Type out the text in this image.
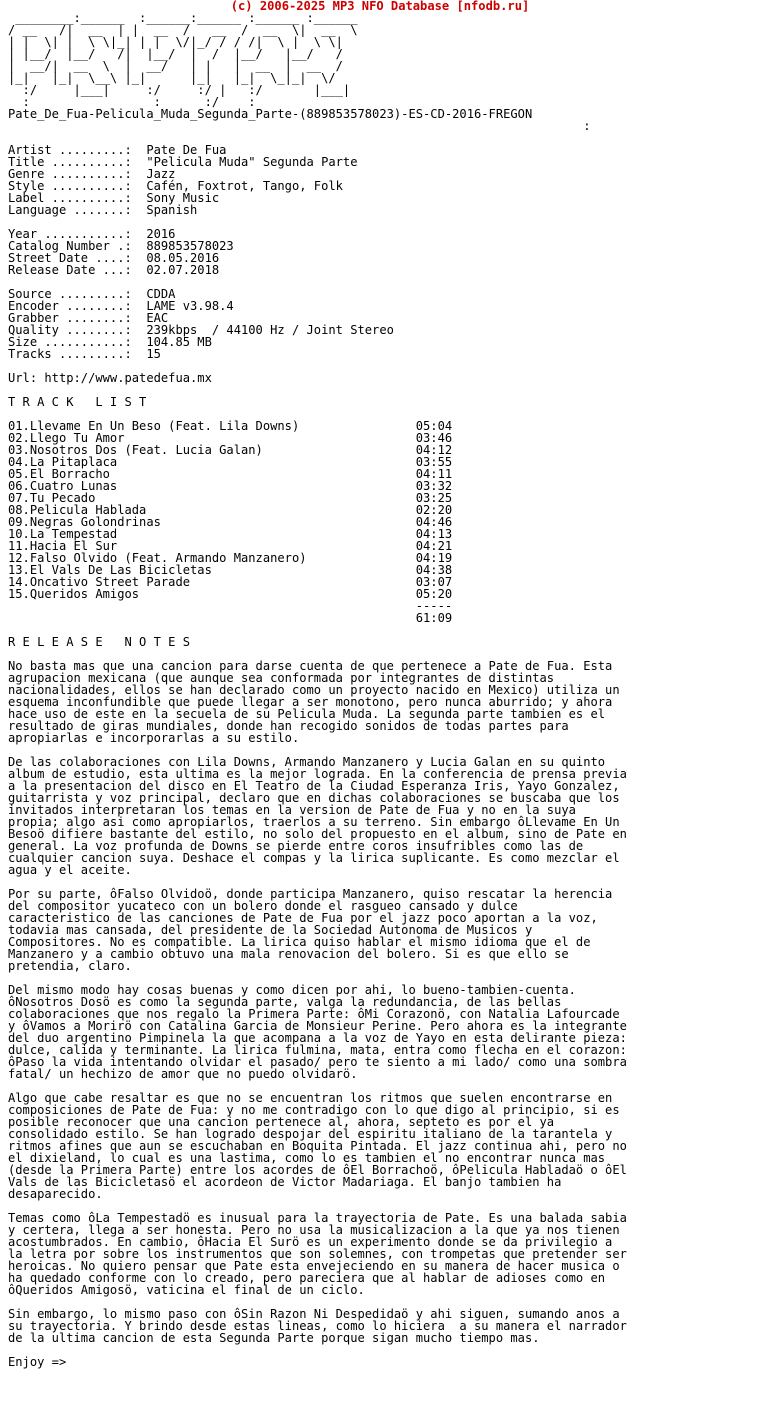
(c) 2006-2025 MP3 NFO Database [nfodb.ru]
________:______  :______:______ :______ :______
/ __   /|  __  | |  __  /   __  /  __  \|  __  \
| |  \| |  \ \|_| | |  \/|_/ / / /|  \ |  \ \|
| |__/  |__/   /|  |__/  |  /  |__/   |__/   /
|  __/|  __  \  |  __/   | |   |  __  |  __  /
|_|   |_|  \__\ |_|      |_|   |_|  \_|_|  \/
:/     |___|     :/     :/ |   :/       |___|
:                 :      :/    :
Pate_De_Fua-Pelicula_Muda_Segunda_Parte-(889853578023)-ES-CD-2016-FREGON
:

Artist .........: Pate De Fua
Title ..........: "Pelicula Muda" Segunda Parte
Genre ..........: Jazz
Style ..........: Cafén, Foxtrot, Tango, Folk
Label ..........: Sony Music
Language .......: Spanish

Year ...........: 2016
Catalog Number .: 889853578023
Street Date ....: 08.05.2016
Release Date ...: 02.07.2018

Source .........: CDDA
Encoder ........: LAME v3.98.4
Grabber ........: EAC
Quality ........: 239kbps  / 44100 Hz / Joint Stereo
Size ...........: 104.85 MB
Tracks .........: 15

Url: http://www.patedefua.mx

T R A C K   L I S T

01.Llevame En Un Beso (Feat. Lila Downs)	05:04
02.Llego Tu Amor	03:46
03.Nosotros Dos (Feat. Lucia Galan)	04:12
04.La Pitaplaca	03:55
05.El Borracho	04:11
06.Cuatro Lunas	03:32
07.Tu Pecado	03:25
08.Pelicula Hablada	02:20
09.Negras Golondrinas	04:46
10.La Tempestad	04:13
11.Hacia El Sur	04:21
12.Falso Olvido (Feat. Armando Manzanero)	04:19
13.El Vals De Las Bicicletas	04:38
14.Oncativo Street Parade	03:07
15.Queridos Amigos	05:20
-----
61:09

R E L E A S E   N O T E S

No basta mas que una cancion para darse cuenta de que pertenece a Pate de Fua. Esta
agrupacion mexicana (que aunque sea conformada por integrantes de distintas
nacionalidades, ellos se han declarado como un proyecto nacido en Mexico) utiliza un
esquema inconfundible que puede llegar a ser monotono, pero nunca aburrido; y ahora
hace uso de este en la secuela de su Pelicula Muda. La segunda parte tambien es el
resultado de giras mundiales, donde han recogido sonidos de todas partes para
apropiarlas e incorporarlas a su estilo.

De las colaboraciones con Lila Downs, Armando Manzanero y Lucia Galan en su quinto
album de estudio, esta ultima es la mejor lograda. En la conferencia de prensa previa
a la presentacion del disco en El Teatro de la Ciudad Esperanza Iris, Yayo Gonzalez,
guitarrista y voz principal, declaro que en dichas colaboraciones se buscaba que los
invitados interpretaran los temas en la version de Pate de Fua y no en la suya
propia; algo asi como apropiarlos, traerlos a su terreno. Sin embargo ôLlevame En Un
Besoö difiere bastante del estilo, no solo del propuesto en el album, sino de Pate en
general. La voz profunda de Downs se pierde entre coros insufribles como las de
cualquier cancion suya. Deshace el compas y la lirica suplicante. Es como mezclar el
agua y el aceite.

Por su parte, ôFalso Olvidoö, donde participa Manzanero, quiso rescatar la herencia
del compositor yucateco con un bolero donde el rasgueo cansado y dulce
caracteristico de las canciones de Pate de Fua por el jazz poco aportan a la voz,
todavia mas cansada, del presidente de la Sociedad Autonoma de Musicos y
Compositores. No es compatible. La lirica quiso hablar el mismo idioma que el de
Manzanero y a cambio obtuvo una mala renovacion del bolero. Si es que ello se
pretendia, claro.

Del mismo modo hay cosas buenas y como dicen por ahi, lo bueno-tambien-cuenta.
ôNosotros Dosö es como la segunda parte, valga la redundancia, de las bellas
colaboraciones que nos regalo la Primera Parte: ôMi Corazonö, con Natalia Lafourcade
y ôVamos a Morirö con Catalina Garcia de Monsieur Perine. Pero ahora es la integrante
del duo argentino Pimpinela la que acompana a la voz de Yayo en esta delirante pieza:
dulce, calida y terminante. La lirica fulmina, mata, entra como flecha en el corazon:
ôPaso la vida intentando olvidar el pasado/ pero te siento a mi lado/ como una sombra
fatal/ un hechizo de amor que no puedo olvidarö.

Algo que cabe resaltar es que no se encuentran los ritmos que suelen encontrarse en
composiciones de Pate de Fua: y no me contradigo con lo que digo al principio, si es
posible reconocer que una cancion pertenece al, ahora, septeto es por el ya
consolidado estilo. Se han logrado despojar del espiritu italiano de la tarantela y
ritmos afines que aun se escuchaban en Boquita Pintada. El jazz continua ahi, pero no
el dixieland, lo cual es una lastima, como lo es tambien el no encontrar nunca mas
(desde la Primera Parte) entre los acordes de ôEl Borrachoö, ôPelicula Habladaö o ôEl
Vals de las Bicicletasö el acordeon de Victor Madariaga. El banjo tambien ha
desaparecido.

Temas como ôLa Tempestadö es inusual para la trayectoria de Pate. Es una balada sabia
y certera, llega a ser honesta. Pero no usa la musicalizacion a la que ya nos tienen
acostumbrados. En cambio, ôHacia El Surö es un experimento donde se da privilegio a
la letra por sobre los instrumentos que son solemnes, con trompetas que pretender ser
heroicas. No quiero pensar que Pate esta envejeciendo en su manera de hacer musica o
ha quedado conforme con lo creado, pero pareciera que al hablar de adioses como en
ôQueridos Amigosö, vaticina el final de un ciclo.

Sin embargo, lo mismo paso con ôSin Razon Ni Despedidaö y ahi siguen, sumando anos a
su trayectoria. Y brindo desde estas lineas, como lo hiciera  a su manera el narrador
de la ultima cancion de esta Segunda Parte porque sigan mucho tiempo mas.

Enjoy =>
